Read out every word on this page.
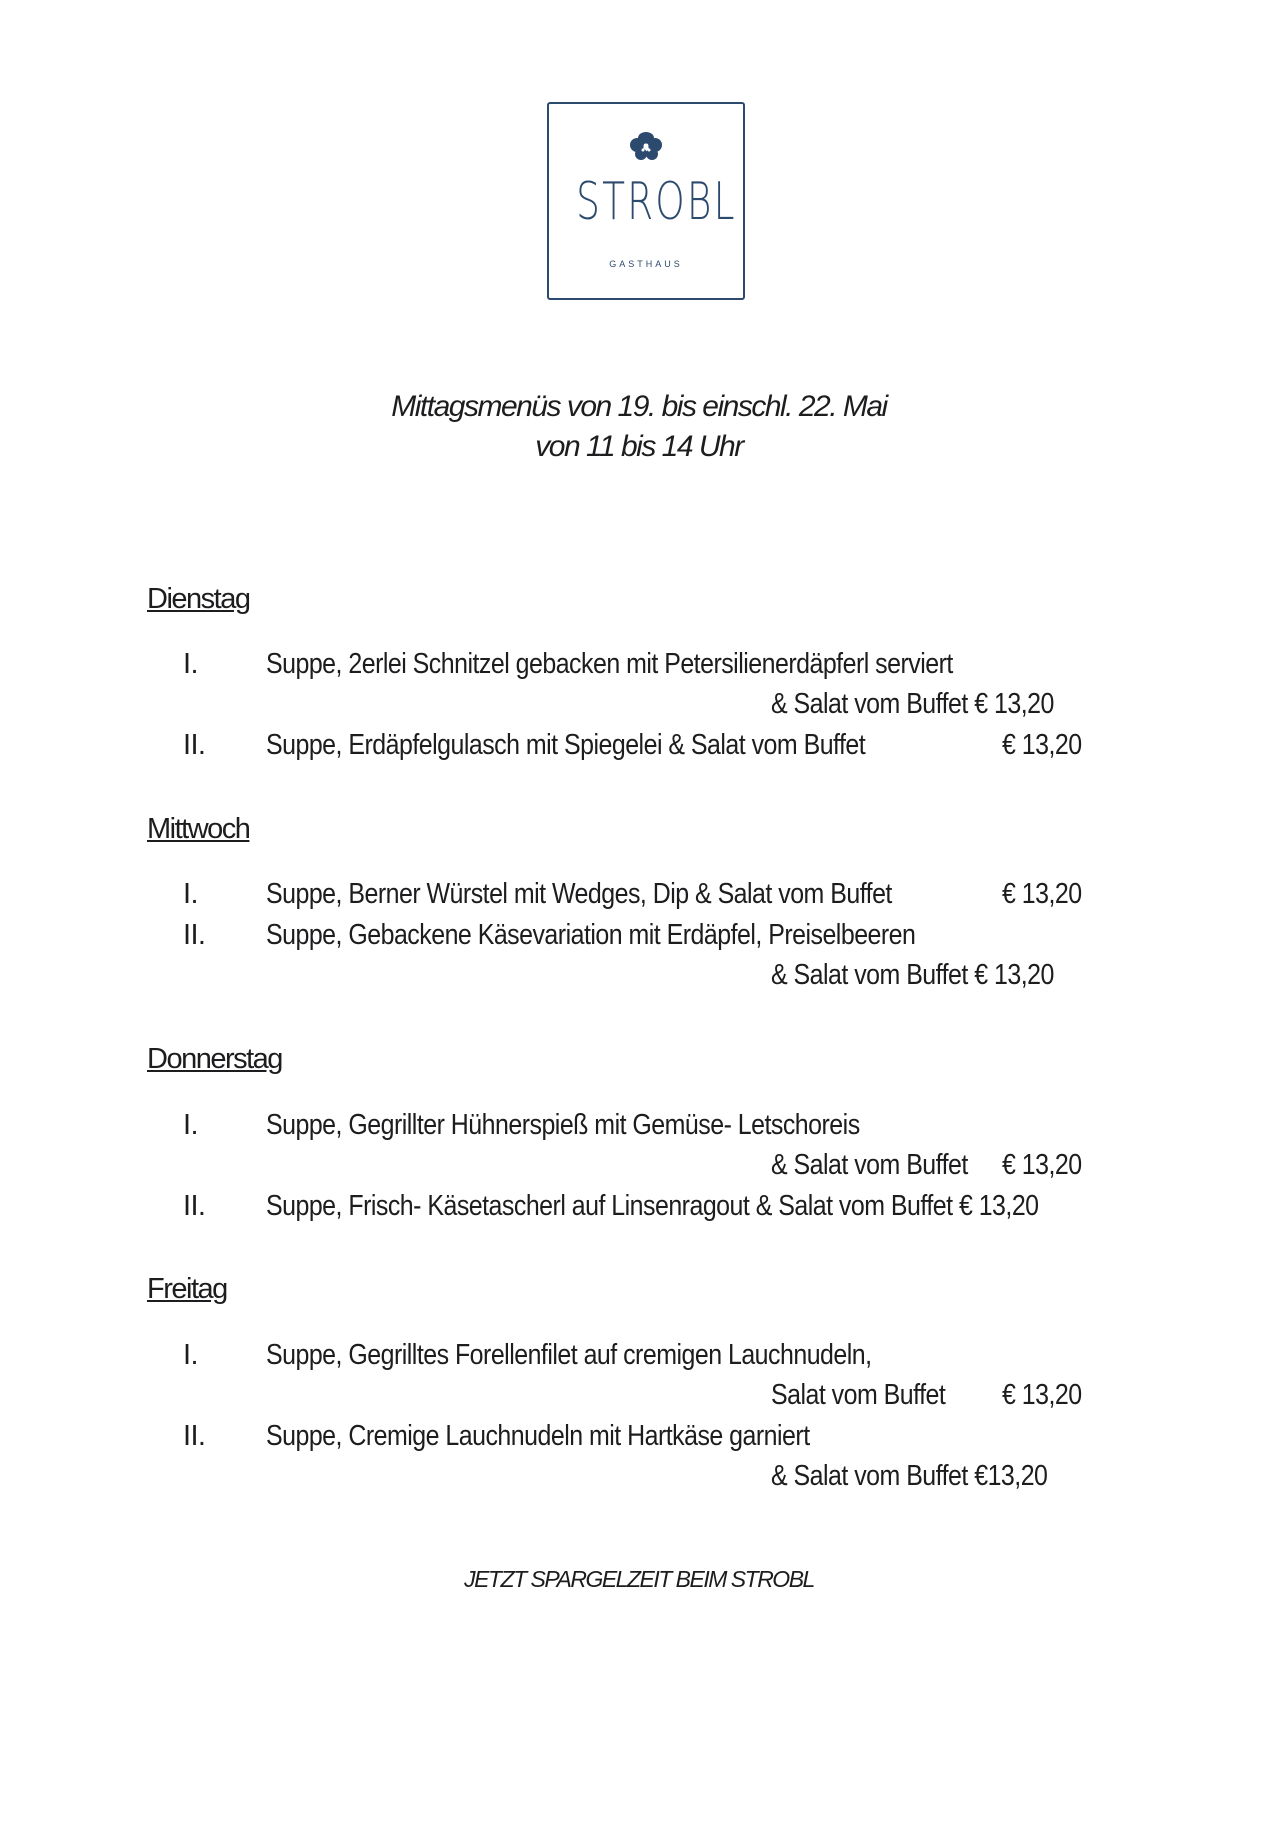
STROBL
GASTHAUS
Mittagsmenüs von 19. bis einschl. 22. Mai
von 11 bis 14 Uhr
Dienstag
I. Suppe, 2erlei Schnitzel gebacken mit Petersilienerdäpferl serviert
& Salat vom Buffet € 13,20
II. Suppe, Erdäpfelgulasch mit Spiegelei & Salat vom Buffet	€ 13,20
Mittwoch
I. Suppe, Berner Würstel mit Wedges, Dip & Salat vom Buffet	€ 13,20
II. Suppe, Gebackene Käsevariation mit Erdäpfel, Preiselbeeren
& Salat vom Buffet € 13,20
Donnerstag
I. Suppe, Gegrillter Hühnerspieß mit Gemüse- Letschoreis
& Salat vom Buffet € 13,20
II. Suppe, Frisch- Käsetascherl auf Linsenragout & Salat vom Buffet € 13,20
Freitag
I. Suppe, Gegrilltes Forellenfilet auf cremigen Lauchnudeln,
Salat vom Buffet € 13,20
II. Suppe, Cremige Lauchnudeln mit Hartkäse garniert
& Salat vom Buffet €13,20
JETZT SPARGELZEIT BEIM STROBL
